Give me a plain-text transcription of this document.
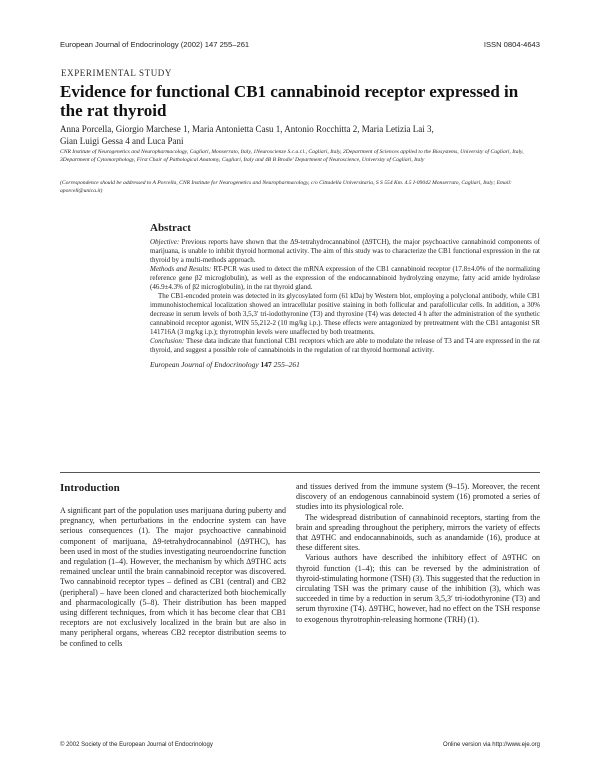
European Journal of Endocrinology (2002) 147 255–261	ISSN 0804-4643
EXPERIMENTAL STUDY
Evidence for functional CB1 cannabinoid receptor expressed in the rat thyroid

Anna Porcella, Giorgio Marchese 1, Maria Antonietta Casu 1, Antonio Rocchitta 2, Maria Letizia Lai 3,

Gian Luigi Gessa 4 and Luca Pani

CNR Institute of Neurogenetics and Neuropharmacology, Cagliari, Monserrato, Italy, 1Neuroscienze S.c.a.r.l., Cagliari, Italy, 2Department of Sciences applied to the Biosystems, University of Cagliari, Italy, 3Department of Cytomorphology, First Chair of Pathological Anatomy, Cagliari, Italy and 4B B Brodie' Department of Neuroscience, University of Cagliari, Italy
(Correspondence should be addressed to A Porcella, CNR Institute for Neurogenetics and Neuropharmacology, c/o Cittadella Universitaria, S S 554 Km. 4.5 I-09042 Monserrato, Cagliari, Italy; Email: aporcell@unica.it)
Abstract

Objective: Previous reports have shown that the Δ9-tetrahydrocannabinol (Δ9TCH), the major psychoactive cannabinoid components of marijuana, is unable to inhibit thyroid hormonal activity. The aim of this study was to characterize the CB1 functional expression in the rat thyroid by a multi-methods approach.

Methods and Results: RT-PCR was used to detect the mRNA expression of the CB1 cannabinoid receptor (17.8±4.0% of the normalizing reference gene β2 microglobulin), as well as the expression of the endocannabinoid hydrolyzing enzyme, fatty acid amide hydrolase (46.9±4.3% of β2 microglobulin), in the rat thyroid gland.

The CB1-encoded protein was detected in its glycosylated form (61 kDa) by Western blot, employing a polyclonal antibody, while CB1 immunohistochemical localization showed an intracellular positive staining in both follicular and parafollicular cells. In addition, a 30% decrease in serum levels of both 3,5,3′ tri-iodothyronine (T3) and thyroxine (T4) was detected 4 h after the administration of the synthetic cannabinoid receptor agonist, WIN 55,212-2 (10 mg/kg i.p.). These effects were antagonized by pretreatment with the CB1 antagonist SR 141716A (3 mg/kg i.p.); thyrotrophin levels were unaffected by both treatments.

Conclusion: These data indicate that functional CB1 receptors which are able to modulate the release of T3 and T4 are expressed in the rat thyroid, and suggest a possible role of cannabinoids in the regulation of rat thyroid hormonal activity.

European Journal of Endocrinology 147 255–261
Introduction

A significant part of the population uses marijuana during puberty and pregnancy, when perturbations in the endocrine system can have serious consequences (1). The major psychoactive cannabinoid component of marijuana, Δ9-tetrahydrocannabinol (Δ9THC), has been used in most of the studies investigating neuroendocrine function and regulation (1–4). However, the mechanism by which Δ9THC acts remained unclear until the brain cannabinoid receptor was discovered. Two cannabinoid receptor types – defined as CB1 (central) and CB2 (peripheral) – have been cloned and characterized both biochemically and pharmacologically (5–8). Their distribution has been mapped using different techniques, from which it has become clear that CB1 receptors are not exclusively localized in the brain but are also in many peripheral organs, whereas CB2 receptor distribution seems to be confined to cells

and tissues derived from the immune system (9–15). Moreover, the recent discovery of an endogenous cannabinoid system (16) promoted a series of studies into its physiological role.

The widespread distribution of cannabinoid receptors, starting from the brain and spreading throughout the periphery, mirrors the variety of effects that Δ9THC and endocannabinoids, such as anandamide (16), produce at these different sites.

Various authors have described the inhibitory effect of Δ9THC on thyroid function (1–4); this can be reversed by the administration of thyroid-stimulating hormone (TSH) (3). This suggested that the reduction in circulating TSH was the primary cause of the inhibition (3), which was succeeded in time by a reduction in serum 3,5,3′ tri-iodothyronine (T3) and serum thyroxine (T4). Δ9THC, however, had no effect on the TSH response to exogenous thyrotrophin-releasing hormone (TRH) (1).

© 2002 Society of the European Journal of Endocrinology	Online version via http://www.eje.org
